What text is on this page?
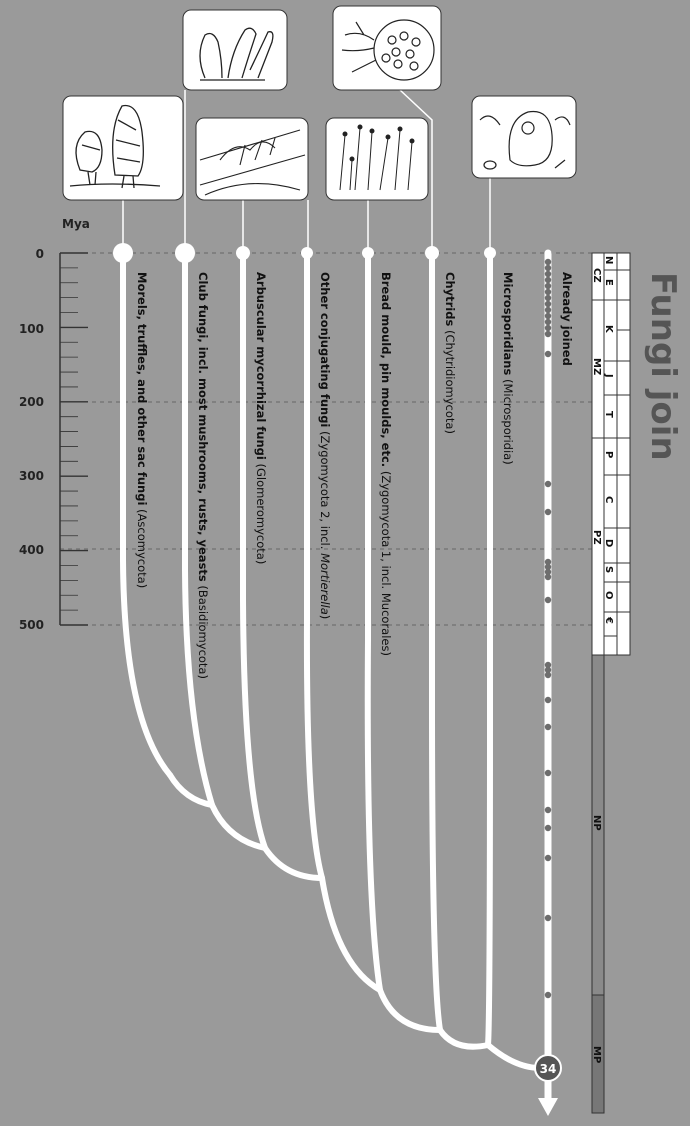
Fungi join
Mya
0
100
200
300
400
500
34
Morels, truffles, and other sac fungi (Ascomycota)	Club fungi, incl. most mushrooms, rusts, yeasts (Basidiomycota)
Arbuscular mycorrhizal fungi (Glomeromycota)
Other conjugating fungi (Zygomycota 2, incl. Mortierella)
Bread mould, pin moulds, etc. (Zygomycota 1, incl. Mucorales)
Chytrids (Chytridiomycota)
Microsporidians (Microsporidia)
Already joined CZ
MZ
PZ
NP
MP
N
E
K
J
T
P
C
D
S
O
€
